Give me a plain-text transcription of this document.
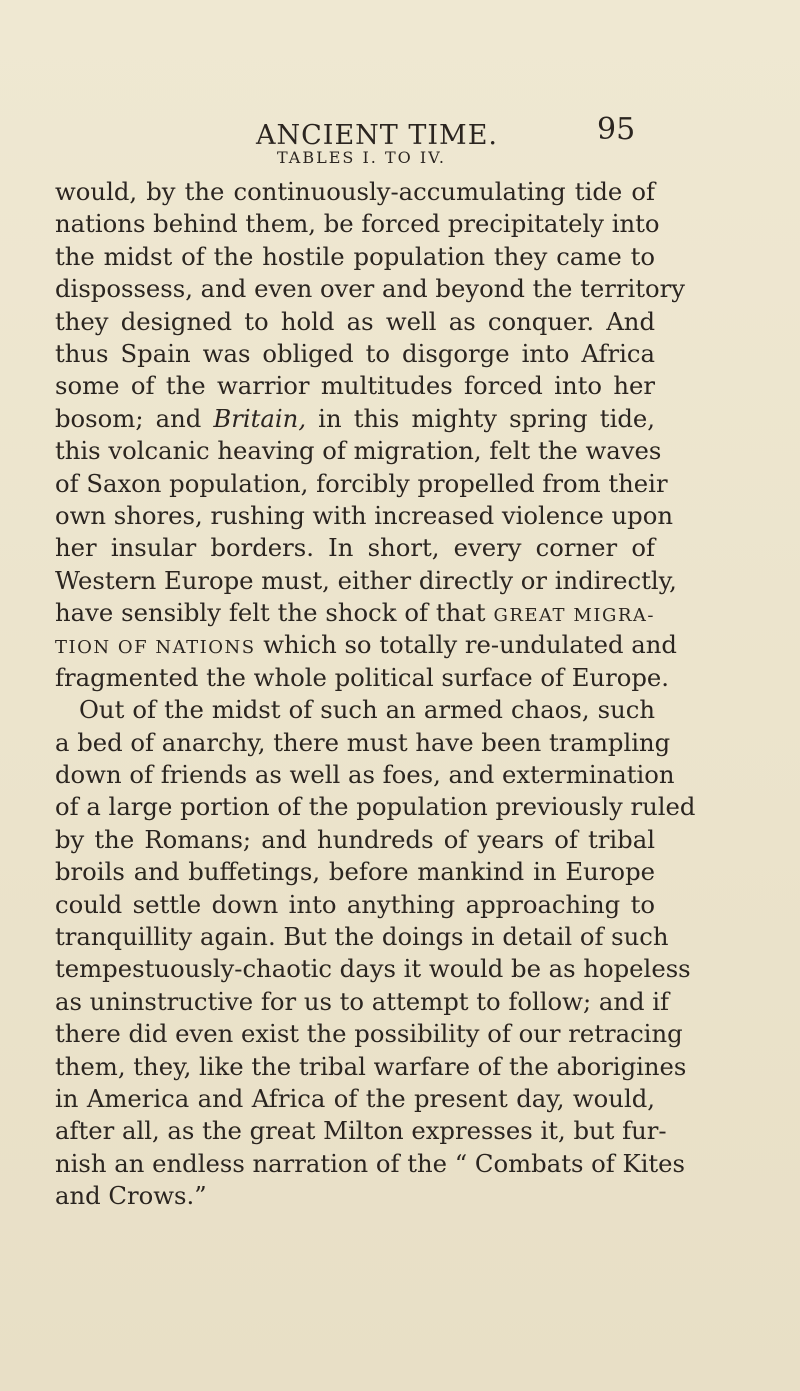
ANCIENT TIME.	95
TABLES I. TO IV.
would, by the continuously-accumulating tide of
nations behind them, be forced precipitately into
the midst of the hostile population they came to
dispossess, and even over and beyond the territory
they designed to hold as well as conquer. And
thus Spain was obliged to disgorge into Africa
some of the warrior multitudes forced into her
bosom; and Britain, in this mighty spring tide,
this volcanic heaving of migration, felt the waves
of Saxon population, forcibly propelled from their
own shores, rushing with increased violence upon
her insular borders. In short, every corner of
Western Europe must, either directly or indirectly,
have sensibly felt the shock of that GREAT MIGRA-
TION OF NATIONS which so totally re-undulated and
fragmented the whole political surface of Europe.
Out of the midst of such an armed chaos, such
a bed of anarchy, there must have been trampling
down of friends as well as foes, and extermination
of a large portion of the population previously ruled
by the Romans; and hundreds of years of tribal
broils and buffetings, before mankind in Europe
could settle down into anything approaching to
tranquillity again. But the doings in detail of such
tempestuously-chaotic days it would be as hopeless
as uninstructive for us to attempt to follow; and if
there did even exist the possibility of our retracing
them, they, like the tribal warfare of the aborigines
in America and Africa of the present day, would,
after all, as the great Milton expresses it, but fur-
nish an endless narration of the “ Combats of Kites
and Crows.”
